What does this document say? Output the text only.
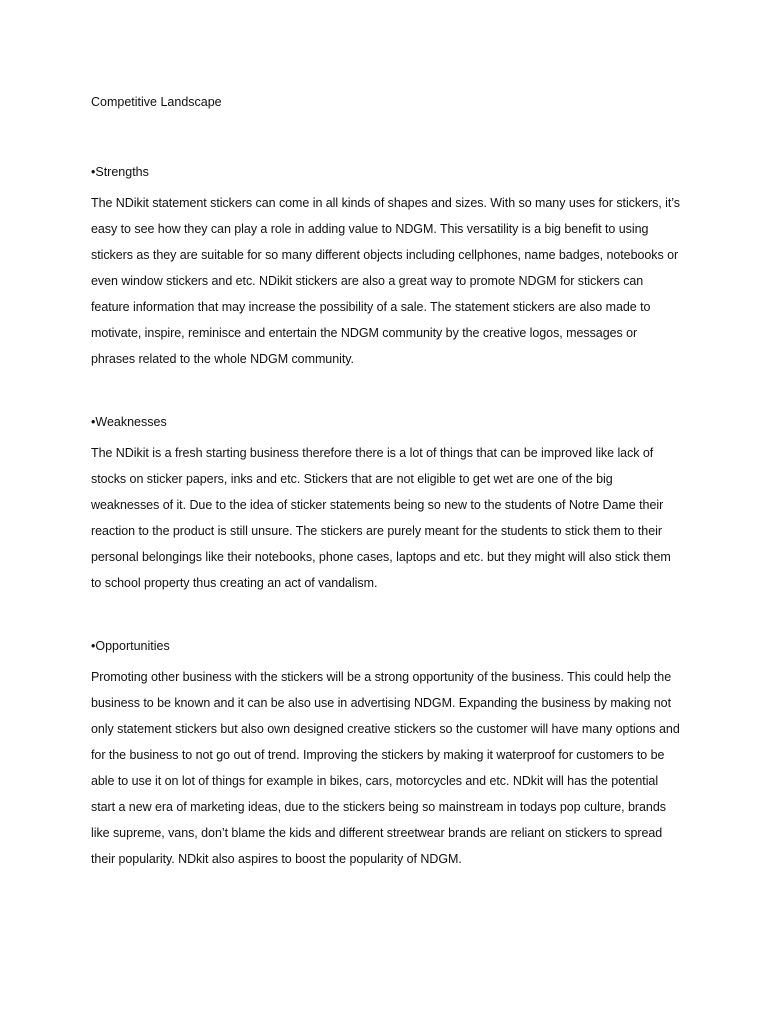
Competitive Landscape

•Strengths

The NDikit statement stickers can come in all kinds of shapes and sizes. With so many uses for stickers, it’s easy to see how they can play a role in adding value to NDGM. This versatility is a big benefit to using stickers as they are suitable for so many different objects including cellphones, name badges, notebooks or even window stickers and etc. NDikit stickers are also a great way to promote NDGM for stickers can feature information that may increase the possibility of a sale. The statement stickers are also made to motivate, inspire, reminisce and entertain the NDGM community by the creative logos, messages or phrases related to the whole NDGM community.

•Weaknesses

The NDikit is a fresh starting business therefore there is a lot of things that can be improved like lack of stocks on sticker papers, inks and etc. Stickers that are not eligible to get wet are one of the big weaknesses of it. Due to the idea of sticker statements being so new to the students of Notre Dame their reaction to the product is still unsure. The stickers are purely meant for the students to stick them to their personal belongings like their notebooks, phone cases, laptops and etc. but they might will also stick them to school property thus creating an act of vandalism.

•Opportunities

Promoting other business with the stickers will be a strong opportunity of the business. This could help the business to be known and it can be also use in advertising NDGM. Expanding the business by making not only statement stickers but also own designed creative stickers so the customer will have many options and for the business to not go out of trend. Improving the stickers by making it waterproof for customers to be able to use it on lot of things for example in bikes, cars, motorcycles and etc. NDkit will has the potential start a new era of marketing ideas, due to the stickers being so mainstream in todays pop culture, brands like supreme, vans, don’t blame the kids and different streetwear brands are reliant on stickers to spread their popularity. NDkit also aspires to boost the popularity of NDGM.
